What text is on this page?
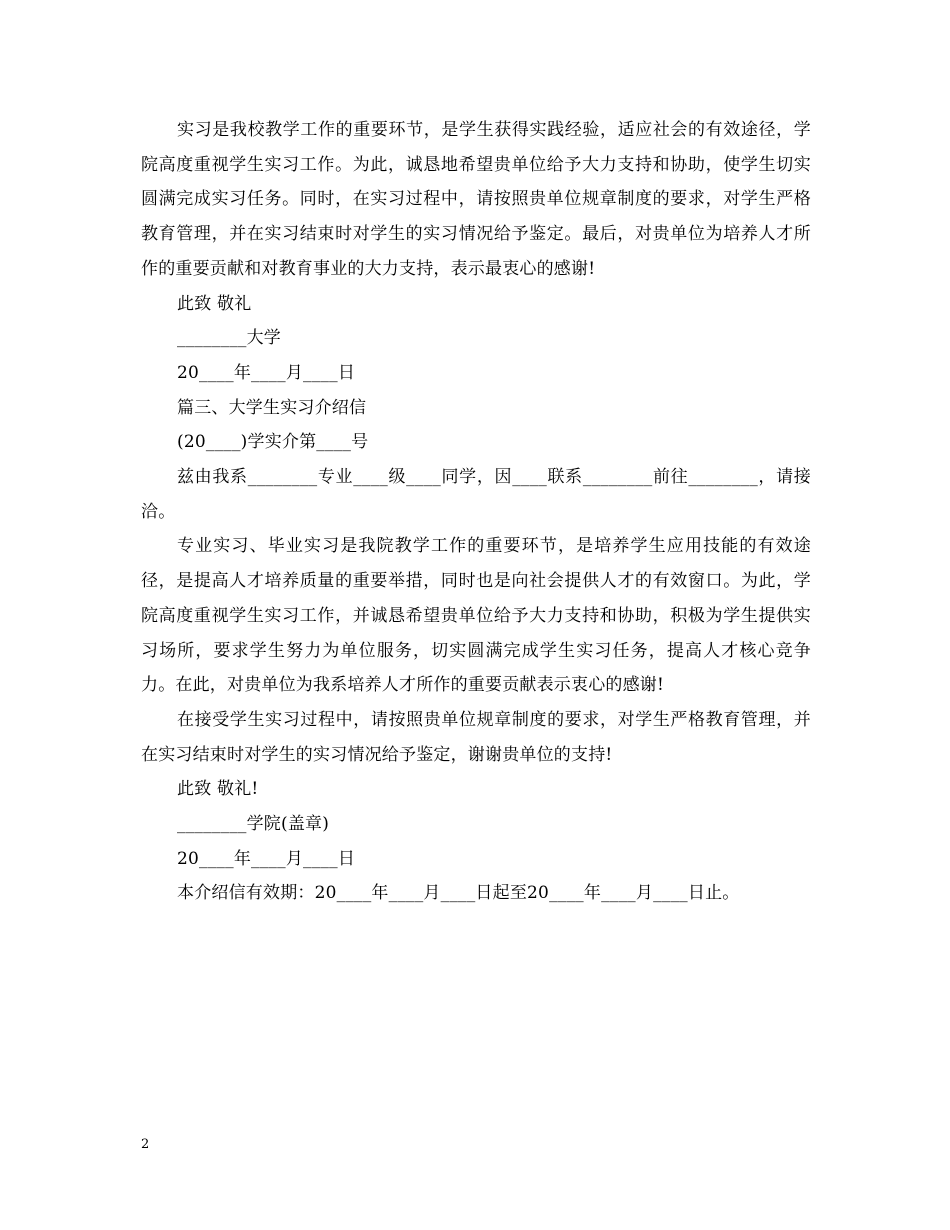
实习是我校教学工作的重要环节，是学生获得实践经验，适应社会的有效途径，学院高度重视学生实习工作。为此，诚恳地希望贵单位给予大力支持和协助，使学生切实圆满完成实习任务。同时，在实习过程中，请按照贵单位规章制度的要求，对学生严格教育管理，并在实习结束时对学生的实习情况给予鉴定。最后，对贵单位为培养人才所作的重要贡献和对教育事业的大力支持，表示最衷心的感谢!

此致 敬礼

________大学

20____年____月____日

篇三、大学生实习介绍信

(20____)学实介第____号

兹由我系________专业____级____同学，因____联系________前往________，请接洽。

专业实习、毕业实习是我院教学工作的重要环节，是培养学生应用技能的有效途径，是提高人才培养质量的重要举措，同时也是向社会提供人才的有效窗口。为此，学院高度重视学生实习工作，并诚恳希望贵单位给予大力支持和协助，积极为学生提供实习场所，要求学生努力为单位服务，切实圆满完成学生实习任务，提高人才核心竞争力。在此，对贵单位为我系培养人才所作的重要贡献表示衷心的感谢!

在接受学生实习过程中，请按照贵单位规章制度的要求，对学生严格教育管理，并在实习结束时对学生的实习情况给予鉴定，谢谢贵单位的支持!

此致 敬礼!

________学院(盖章)

20____年____月____日

本介绍信有效期：20____年____月____日起至20____年____月____日止。

2
